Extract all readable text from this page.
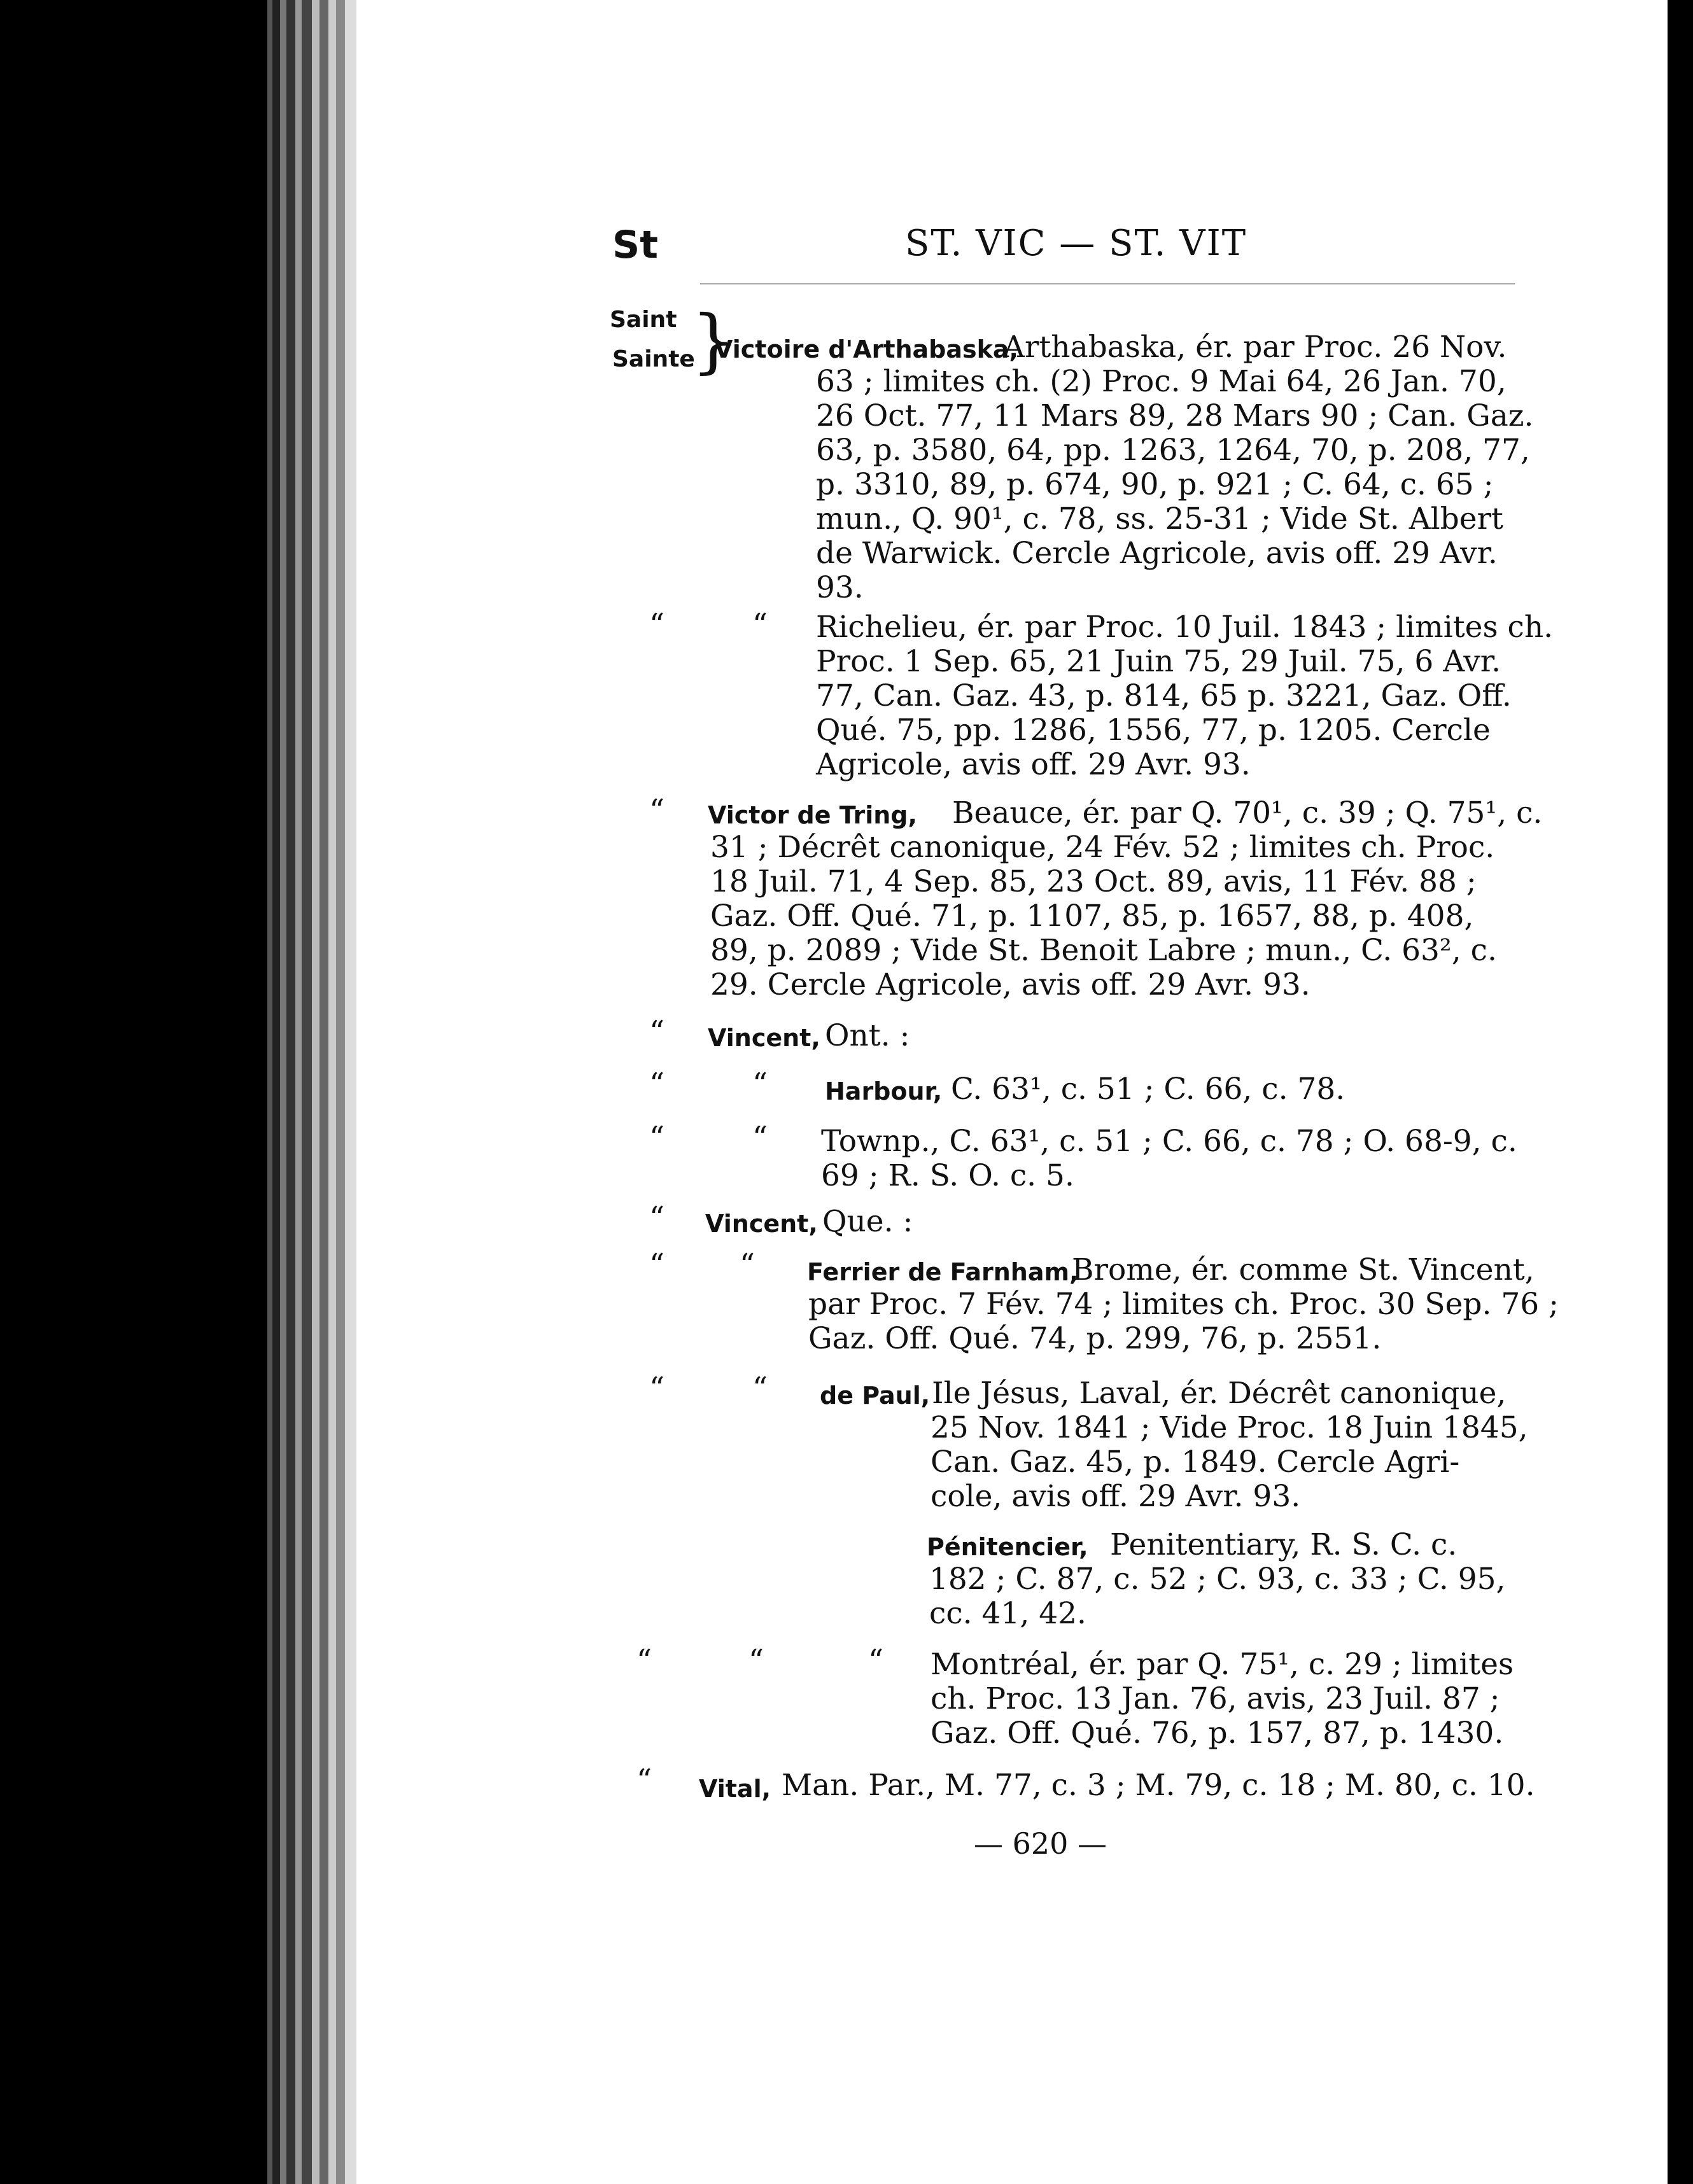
St	ST. VIC — ST. VIT
Saint
Sainte
}
Victoire d'Arthabaska,
Arthabaska, ér. par Proc. 26 Nov.
63 ; limites ch. (2) Proc. 9 Mai 64, 26 Jan. 70,
26 Oct. 77, 11 Mars 89, 28 Mars 90 ; Can. Gaz.
63, p. 3580, 64, pp. 1263, 1264, 70, p. 208, 77,
p. 3310, 89, p. 674, 90, p. 921 ; C. 64, c. 65 ;
mun., Q. 90¹, c. 78, ss. 25-31 ; Vide St. Albert
de Warwick. Cercle Agricole, avis off. 29 Avr.
93.
“	“ Richelieu, ér. par Proc. 10 Juil. 1843 ; limites ch.
Proc. 1 Sep. 65, 21 Juin 75, 29 Juil. 75, 6 Avr.
77, Can. Gaz. 43, p. 814, 65 p. 3221, Gaz. Off.
Qué. 75, pp. 1286, 1556, 77, p. 1205. Cercle
Agricole, avis off. 29 Avr. 93.
“ Victor de Tring, Beauce, ér. par Q. 70¹, c. 39 ; Q. 75¹, c.
31 ; Décrêt canonique, 24 Fév. 52 ; limites ch. Proc.
18 Juil. 71, 4 Sep. 85, 23 Oct. 89, avis, 11 Fév. 88 ;
Gaz. Off. Qué. 71, p. 1107, 85, p. 1657, 88, p. 408,
89, p. 2089 ; Vide St. Benoit Labre ; mun., C. 63², c.
29. Cercle Agricole, avis off. 29 Avr. 93.
“ Vincent, Ont. :
“	“ Harbour, C. 63¹, c. 51 ; C. 66, c. 78.
“	“ Townp., C. 63¹, c. 51 ; C. 66, c. 78 ; O. 68-9, c.
69 ; R. S. O. c. 5.
“ Vincent, Que. :
“	“ Ferrier de Farnham,
Brome, ér. comme St. Vincent,
par Proc. 7 Fév. 74 ; limites ch. Proc. 30 Sep. 76 ;
Gaz. Off. Qué. 74, p. 299, 76, p. 2551.
“	“ de Paul, Ile Jésus, Laval, ér. Décrêt canonique,
25 Nov. 1841 ; Vide Proc. 18 Juin 1845,
Can. Gaz. 45, p. 1849. Cercle Agri-
cole, avis off. 29 Avr. 93.
Pénitencier, Penitentiary, R. S. C. c.
182 ; C. 87, c. 52 ; C. 93, c. 33 ; C. 95,
cc. 41, 42.
“	“	“ Montréal, ér. par Q. 75¹, c. 29 ; limites
ch. Proc. 13 Jan. 76, avis, 23 Juil. 87 ;
Gaz. Off. Qué. 76, p. 157, 87, p. 1430.
“ Vital, Man. Par., M. 77, c. 3 ; M. 79, c. 18 ; M. 80, c. 10.
— 620 —
